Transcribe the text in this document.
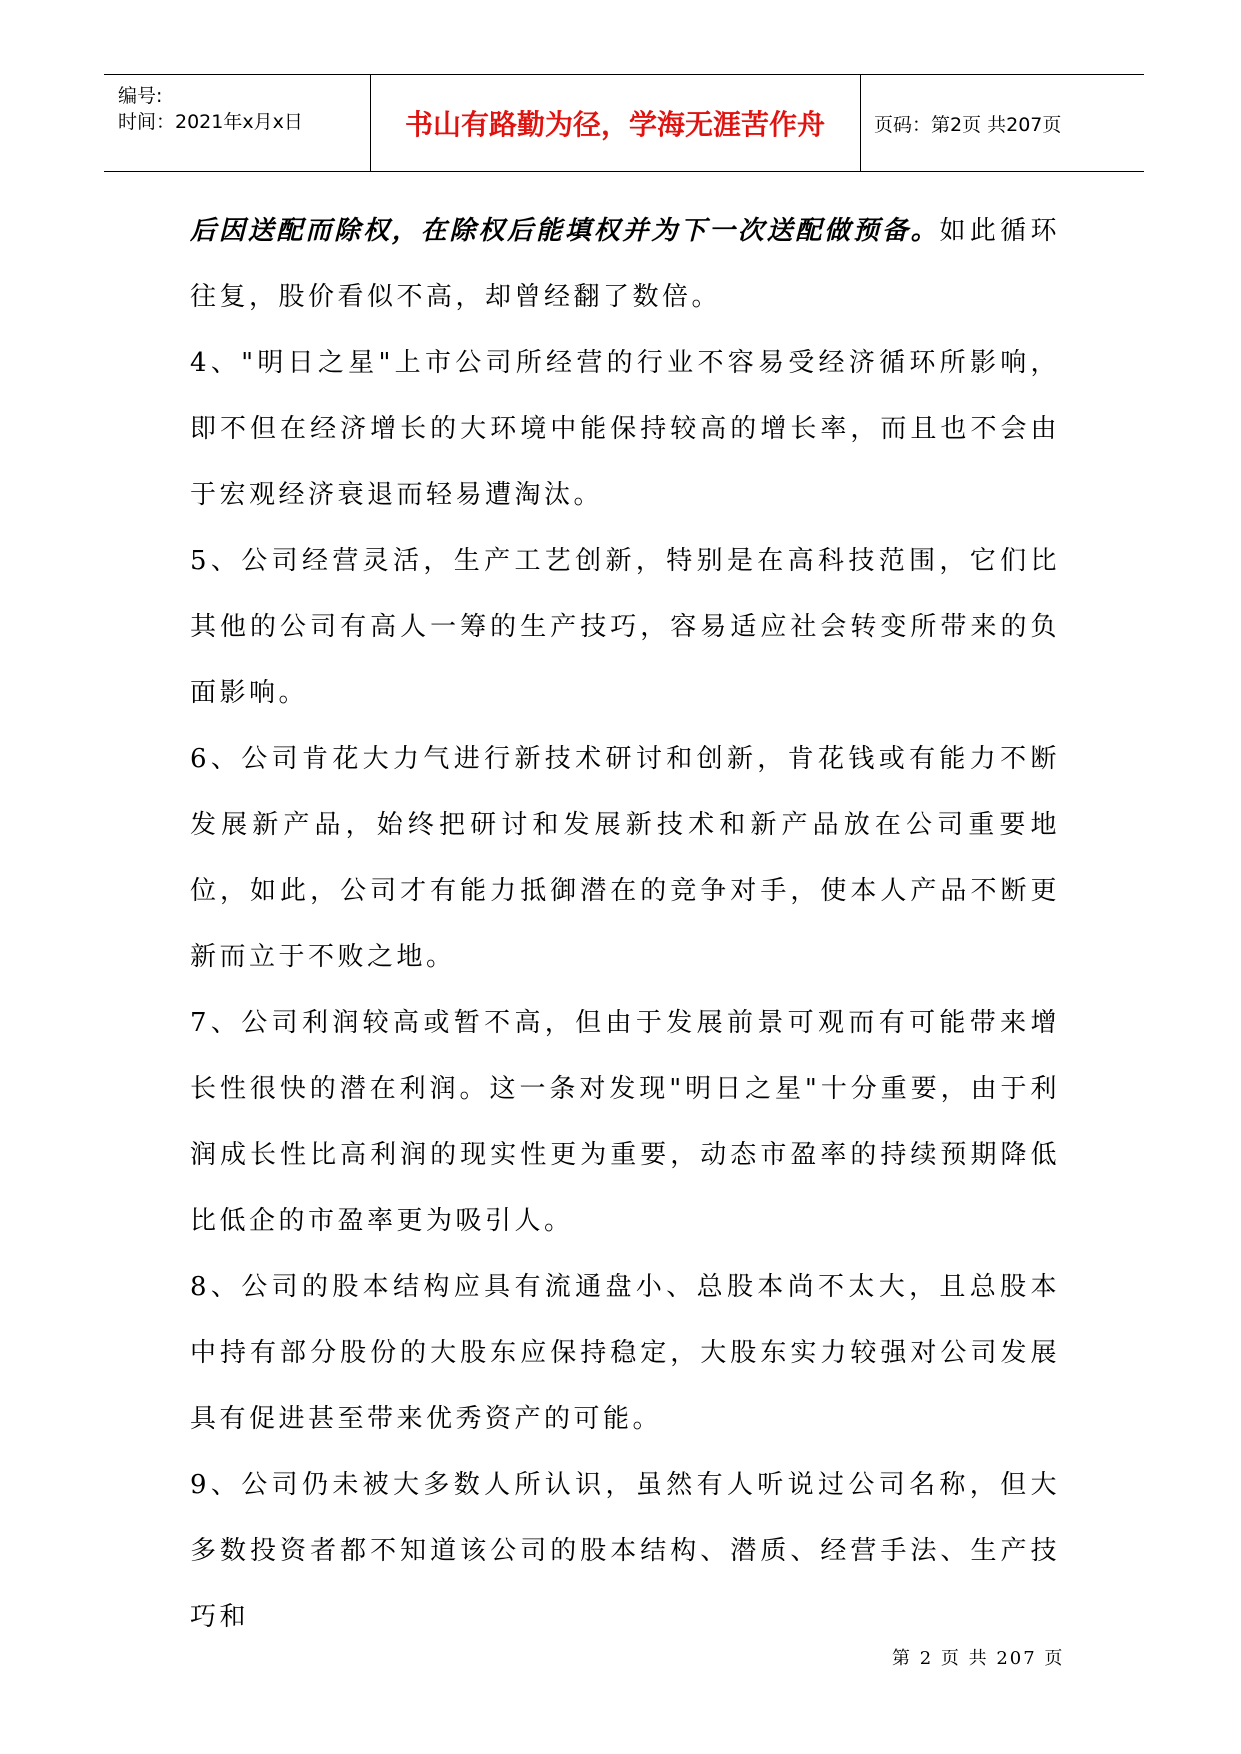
编号:
时间：2021年x月x日	书山有路勤为径，学海无涯苦作舟	页码：第2页 共207页

后因送配而除权，在除权后能填权并为下一次送配做预备。如此循环往复，股价看似不高，却曾经翻了数倍。

4、"明日之星"上市公司所经营的行业不容易受经济循环所影响，即不但在经济增长的大环境中能保持较高的增长率，而且也不会由于宏观经济衰退而轻易遭淘汰。

5、公司经营灵活，生产工艺创新，特别是在高科技范围，它们比其他的公司有高人一筹的生产技巧，容易适应社会转变所带来的负面影响。

6、公司肯花大力气进行新技术研讨和创新，肯花钱或有能力不断发展新产品，始终把研讨和发展新技术和新产品放在公司重要地位，如此，公司才有能力抵御潜在的竞争对手，使本人产品不断更新而立于不败之地。

7、公司利润较高或暂不高，但由于发展前景可观而有可能带来增长性很快的潜在利润。这一条对发现"明日之星"十分重要，由于利润成长性比高利润的现实性更为重要，动态市盈率的持续预期降低比低企的市盈率更为吸引人。

8、公司的股本结构应具有流通盘小、总股本尚不太大，且总股本中持有部分股份的大股东应保持稳定，大股东实力较强对公司发展具有促进甚至带来优秀资产的可能。

9、公司仍未被大多数人所认识，虽然有人听说过公司名称，但大多数投资者都不知道该公司的股本结构、潜质、经营手法、生产技巧和

第 2 页 共 207 页
